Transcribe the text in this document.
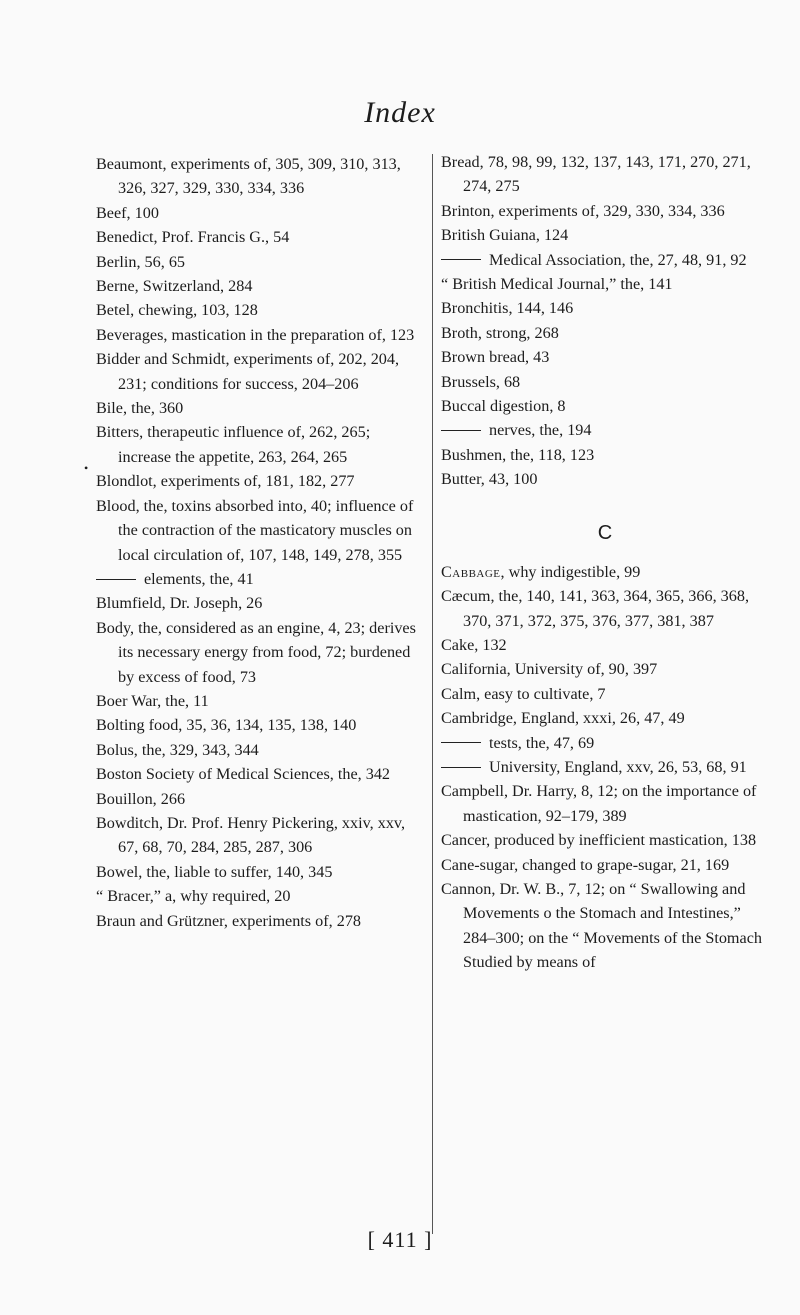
Index
•
Beaumont, experiments of, 305, 309, 310, 313, 326, 327, 329, 330, 334, 336
Beef, 100
Benedict, Prof. Francis G., 54
Berlin, 56, 65
Berne, Switzerland, 284
Betel, chewing, 103, 128
Beverages, mastication in the preparation of, 123
Bidder and Schmidt, experiments of, 202, 204, 231; conditions for success, 204–206
Bile, the, 360
Bitters, therapeutic influence of, 262, 265; increase the appetite, 263, 264, 265
Blondlot, experiments of, 181, 182, 277
Blood, the, toxins absorbed into, 40; influence of the contraction of the masticatory muscles on local circulation of, 107, 148, 149, 278, 355
elements, the, 41
Blumfield, Dr. Joseph, 26
Body, the, considered as an engine, 4, 23; derives its necessary energy from food, 72; burdened by excess of food, 73
Boer War, the, 11
Bolting food, 35, 36, 134, 135, 138, 140
Bolus, the, 329, 343, 344
Boston Society of Medical Sciences, the, 342
Bouillon, 266
Bowditch, Dr. Prof. Henry Pickering, xxiv, xxv, 67, 68, 70, 284, 285, 287, 306
Bowel, the, liable to suffer, 140, 345
“ Bracer,” a, why required, 20
Braun and Grützner, experiments of, 278
Bread, 78, 98, 99, 132, 137, 143, 171, 270, 271, 274, 275
Brinton, experiments of, 329, 330, 334, 336
British Guiana, 124
Medical Association, the, 27, 48, 91, 92
“ British Medical Journal,” the, 141
Bronchitis, 144, 146
Broth, strong, 268
Brown bread, 43
Brussels, 68
Buccal digestion, 8
nerves, the, 194
Bushmen, the, 118, 123
Butter, 43, 100
C
Cabbage, why indigestible, 99
Cæcum, the, 140, 141, 363, 364, 365, 366, 368, 370, 371, 372, 375, 376, 377, 381, 387
Cake, 132
California, University of, 90, 397
Calm, easy to cultivate, 7
Cambridge, England, xxxi, 26, 47, 49
tests, the, 47, 69
University, England, xxv, 26, 53, 68, 91
Campbell, Dr. Harry, 8, 12; on the importance of mastication, 92–179, 389
Cancer, produced by inefficient mastication, 138
Cane-sugar, changed to grape-sugar, 21, 169
Cannon, Dr. W. B., 7, 12; on “ Swallowing and Movements o the Stomach and Intestines,” 284–300; on the “ Movements of the Stomach Studied by means of
[ 411 ]
